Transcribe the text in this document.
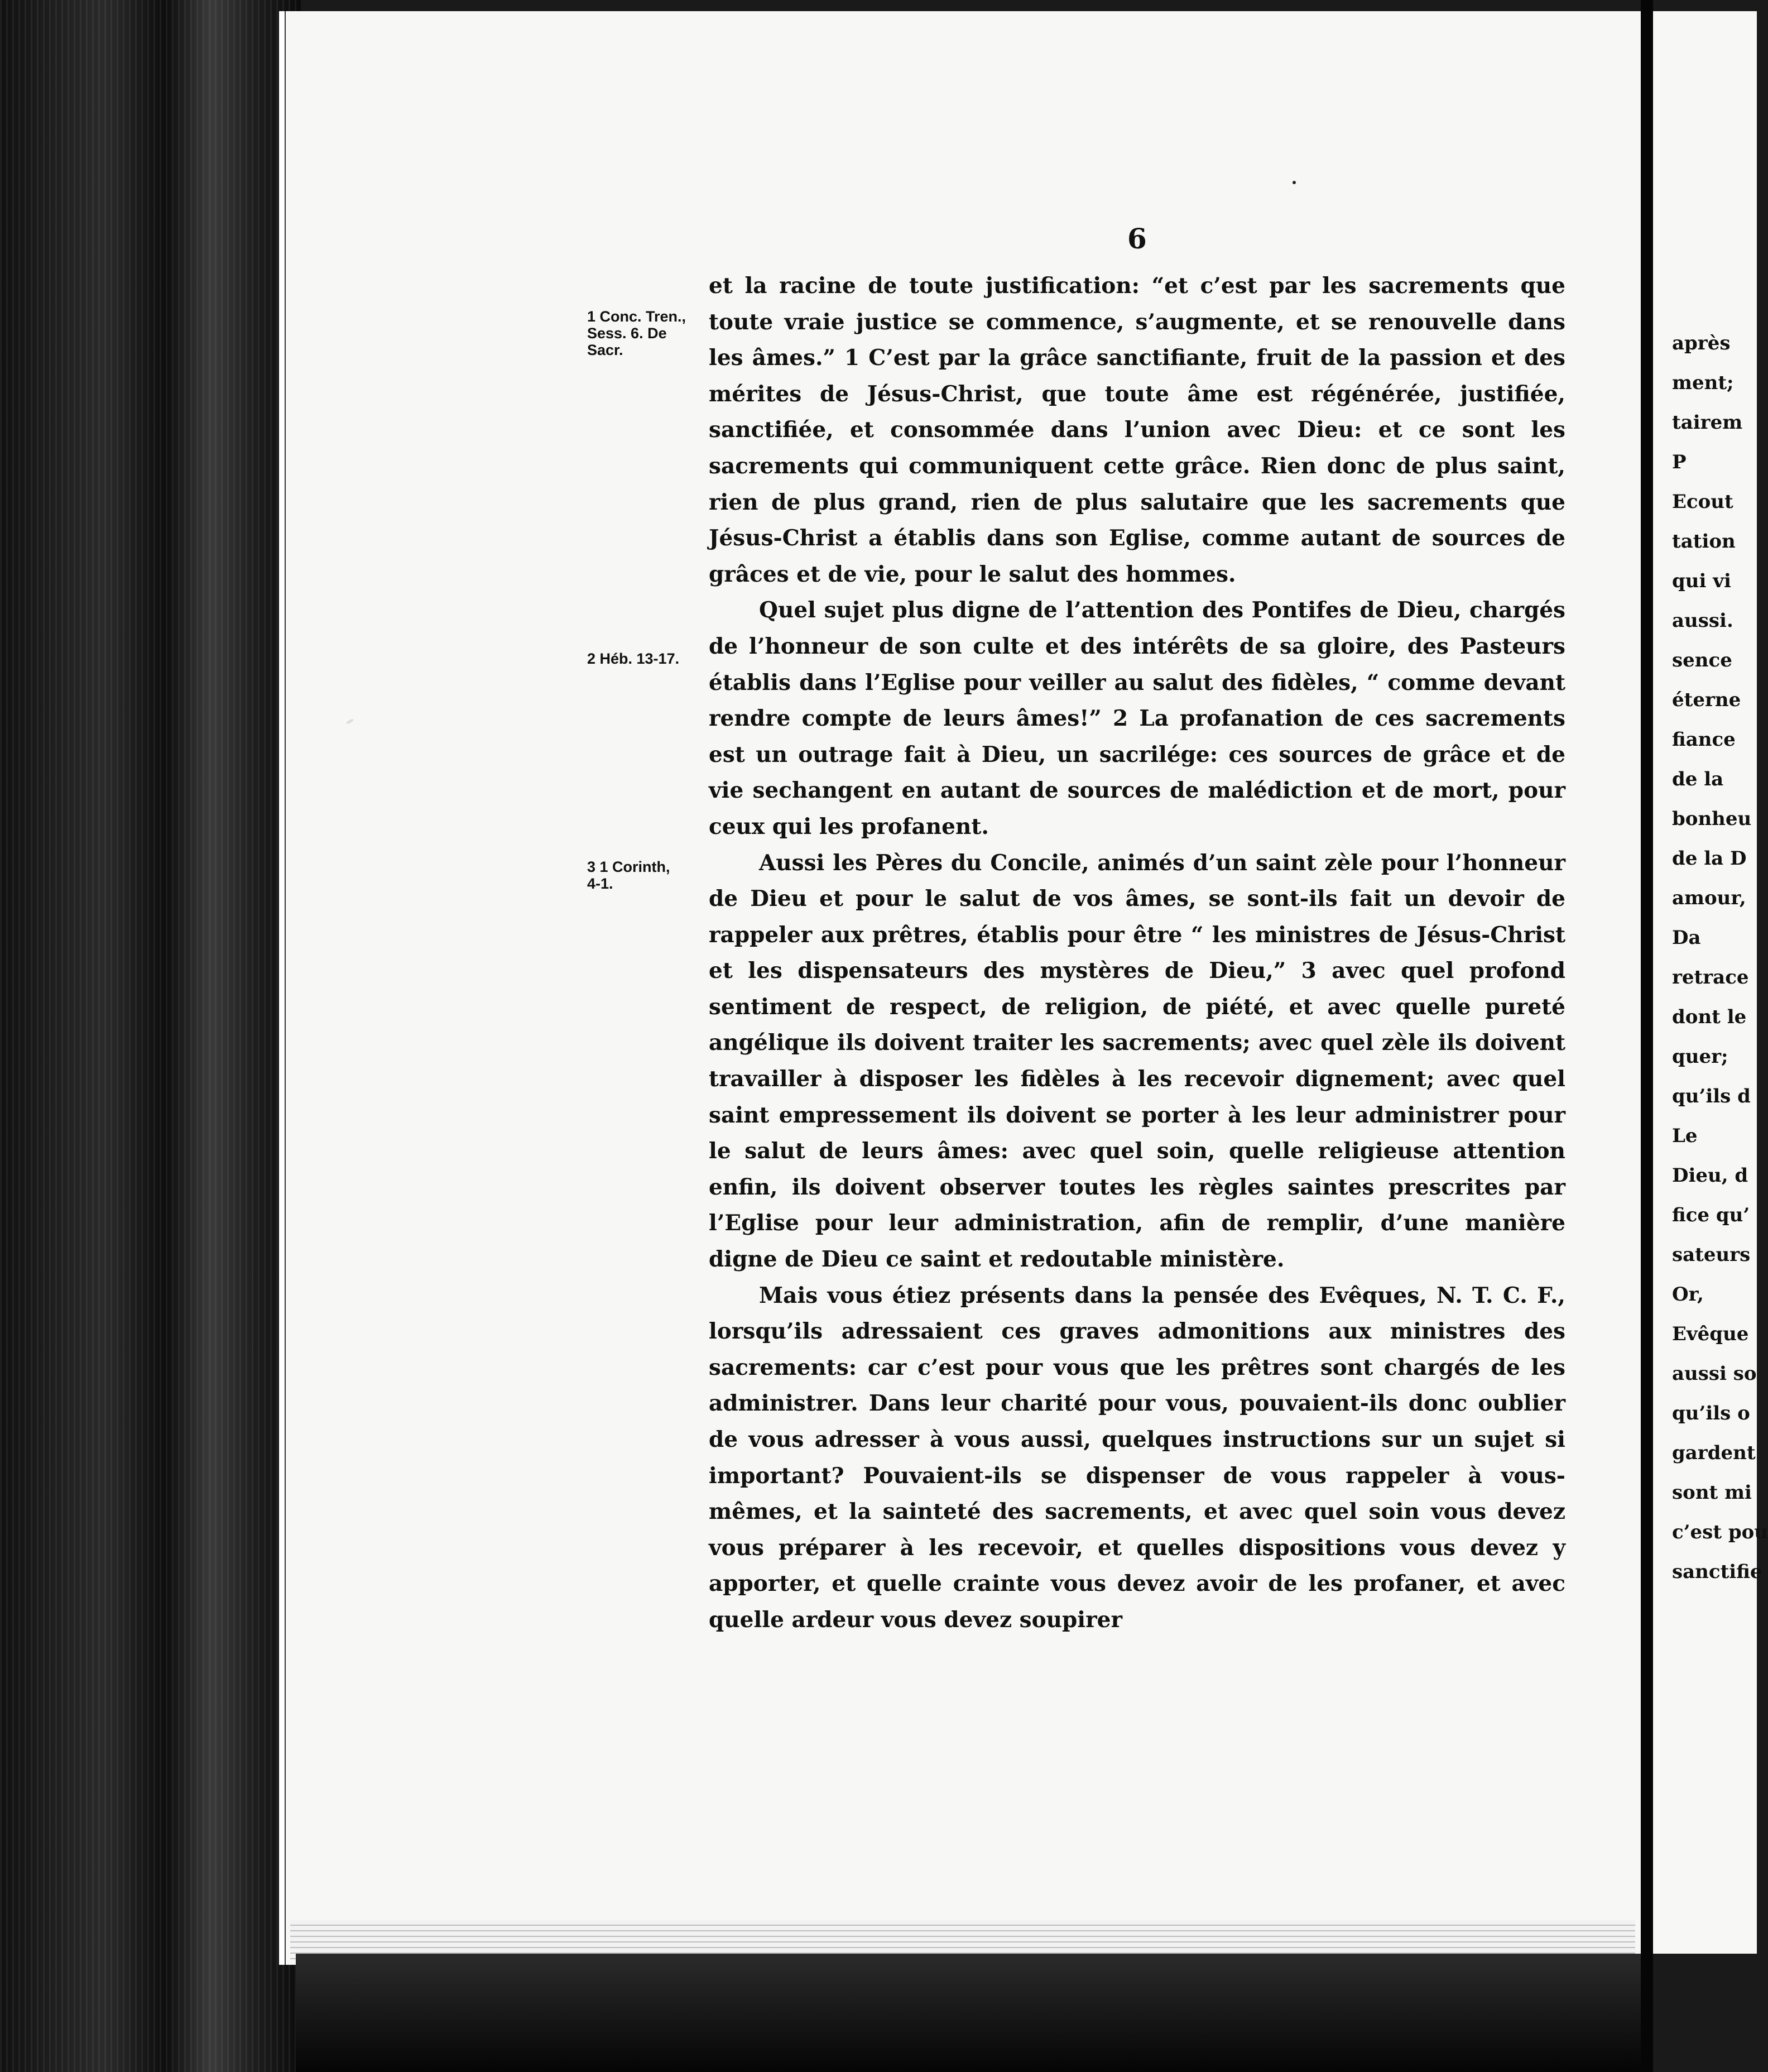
après
ment;
tairem
P
Ecout
tation
qui vi
aussi.
sence
éterne
fiance
de la
bonheu
de la D
amour,
Da
retrace
dont le
quer;
qu’ils d
Le
Dieu, d
fice qu’
sateurs
Or,
Evêque
aussi so
qu’ils o
gardent
sont mi
c’est pou
sanctifie
6
1 Conc. Tren.,
Sess. 6. De
Sacr.
2 Héb. 13-17.
3 1 Corinth,
4-1.

et la racine de toute justification: “et c’est par les sacrements que toute vraie justice se commence, s’augmente, et se renouvelle dans les âmes.” 1 C’est par la grâce sanctifiante, fruit de la passion et des mérites de Jésus-Christ, que toute âme est régénérée, justifiée, sanctifiée, et consommée dans l’union avec Dieu: et ce sont les sacrements qui communiquent cette grâce. Rien donc de plus saint, rien de plus grand, rien de plus salutaire que les sacrements que Jésus-Christ a établis dans son Eglise, comme autant de sources de grâces et de vie, pour le salut des hommes.

Quel sujet plus digne de l’attention des Pontifes de Dieu, chargés de l’honneur de son culte et des intérêts de sa gloire, des Pasteurs établis dans l’Eglise pour veiller au salut des fidèles, “ comme devant rendre compte de leurs âmes!” 2 La profanation de ces sacrements est un outrage fait à Dieu, un sacrilége: ces sources de grâce et de vie sechangent en autant de sources de malédiction et de mort, pour ceux qui les profanent.

Aussi les Pères du Concile, animés d’un saint zèle pour l’honneur de Dieu et pour le salut de vos âmes, se sont-ils fait un devoir de rappeler aux prêtres, établis pour être “ les ministres de Jésus-Christ et les dispensateurs des mystères de Dieu,” 3 avec quel profond sentiment de respect, de religion, de piété, et avec quelle pureté angélique ils doivent traiter les sacrements; avec quel zèle ils doivent travailler à disposer les fidèles à les recevoir dignement; avec quel saint empressement ils doivent se porter à les leur administrer pour le salut de leurs âmes: avec quel soin, quelle religieuse attention enfin, ils doivent observer toutes les règles saintes prescrites par l’Eglise pour leur administration, afin de remplir, d’une manière digne de Dieu ce saint et redoutable ministère.

Mais vous étiez présents dans la pensée des Evêques, N. T. C. F., lorsqu’ils adressaient ces graves admonitions aux ministres des sacrements: car c’est pour vous que les prêtres sont chargés de les administrer. Dans leur charité pour vous, pouvaient-ils donc oublier de vous adresser à vous aussi, quelques instructions sur un sujet si important? Pouvaient-ils se dispenser de vous rappeler à vous-mêmes, et la sainteté des sacrements, et avec quel soin vous devez vous préparer à les recevoir, et quelles dispositions vous devez y apporter, et quelle crainte vous devez avoir de les profaner, et avec quelle ardeur vous devez soupirer
